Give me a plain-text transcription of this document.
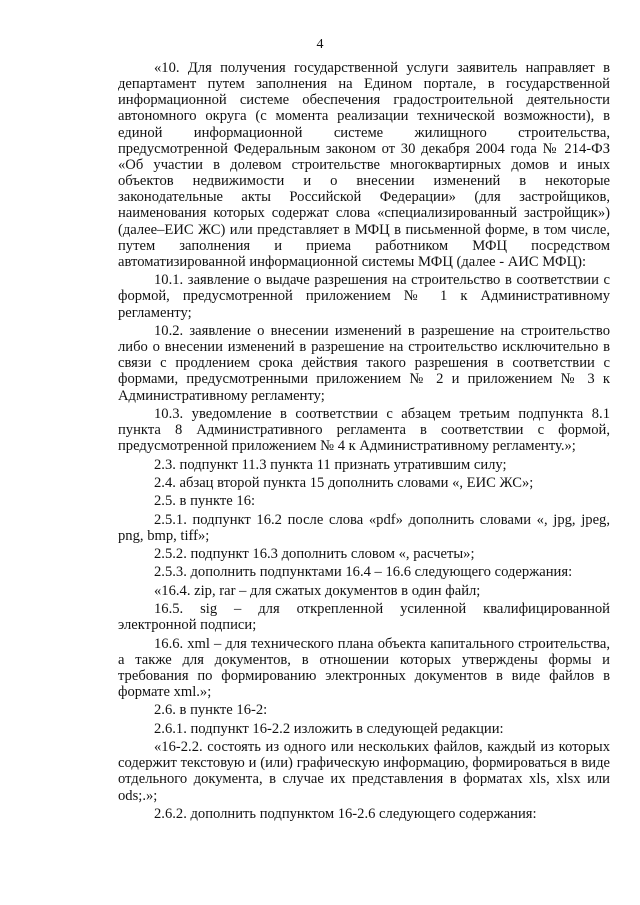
4

«10. Для получения государственной услуги заявитель направляет в департамент путем заполнения на Едином портале, в государственной информационной системе обеспечения градостроительной деятельности автономного округа (с момента реализации технической возможности), в единой информационной системе жилищного строительства, предусмотренной Федеральным законом от 30 декабря 2004 года № 214-ФЗ «Об участии в долевом строительстве многоквартирных домов и иных объектов недвижимости и о внесении изменений в некоторые законодательные акты Российской Федерации» (для застройщиков, наименования которых содержат слова «специализированный застройщик») (далее–ЕИС ЖС) или представляет в МФЦ в письменной форме, в том числе, путем заполнения и приема работником МФЦ посредством автоматизированной информационной системы МФЦ (далее - АИС МФЦ):

10.1. заявление о выдаче разрешения на строительство в соответствии с формой, предусмотренной приложением № 1 к Административному регламенту;

10.2. заявление о внесении изменений в разрешение на строительство либо о внесении изменений в разрешение на строительство исключительно в связи с продлением срока действия такого разрешения в соответствии с формами, предусмотренными приложением № 2 и приложением № 3 к Административному регламенту;

10.3. уведомление в соответствии с абзацем третьим подпункта 8.1 пункта 8 Административного регламента в соответствии с формой, предусмотренной приложением № 4 к Административному регламенту.»;

2.3. подпункт 11.3 пункта 11 признать утратившим силу;

2.4. абзац второй пункта 15 дополнить словами «, ЕИС ЖС»;

2.5. в пункте 16:

2.5.1. подпункт 16.2 после слова «pdf» дополнить словами «, jpg, jpeg, png, bmp, tiff»;

2.5.2. подпункт 16.3 дополнить словом «, расчеты»;

2.5.3. дополнить подпунктами 16.4 – 16.6 следующего содержания:

«16.4. zip, rar – для сжатых документов в один файл;

16.5. sig – для открепленной усиленной квалифицированной электронной подписи;

16.6. xml – для технического плана объекта капитального строительства, а также для документов, в отношении которых утверждены формы и требования по формированию электронных документов в виде файлов в формате xml.»;

2.6. в пункте 16-2:

2.6.1. подпункт 16-2.2 изложить в следующей редакции:

«16-2.2. состоять из одного или нескольких файлов, каждый из которых содержит текстовую и (или) графическую информацию, формироваться в виде отдельного документа, в случае их представления в форматах xls, xlsx или ods;.»;

2.6.2. дополнить подпунктом 16-2.6 следующего содержания:
